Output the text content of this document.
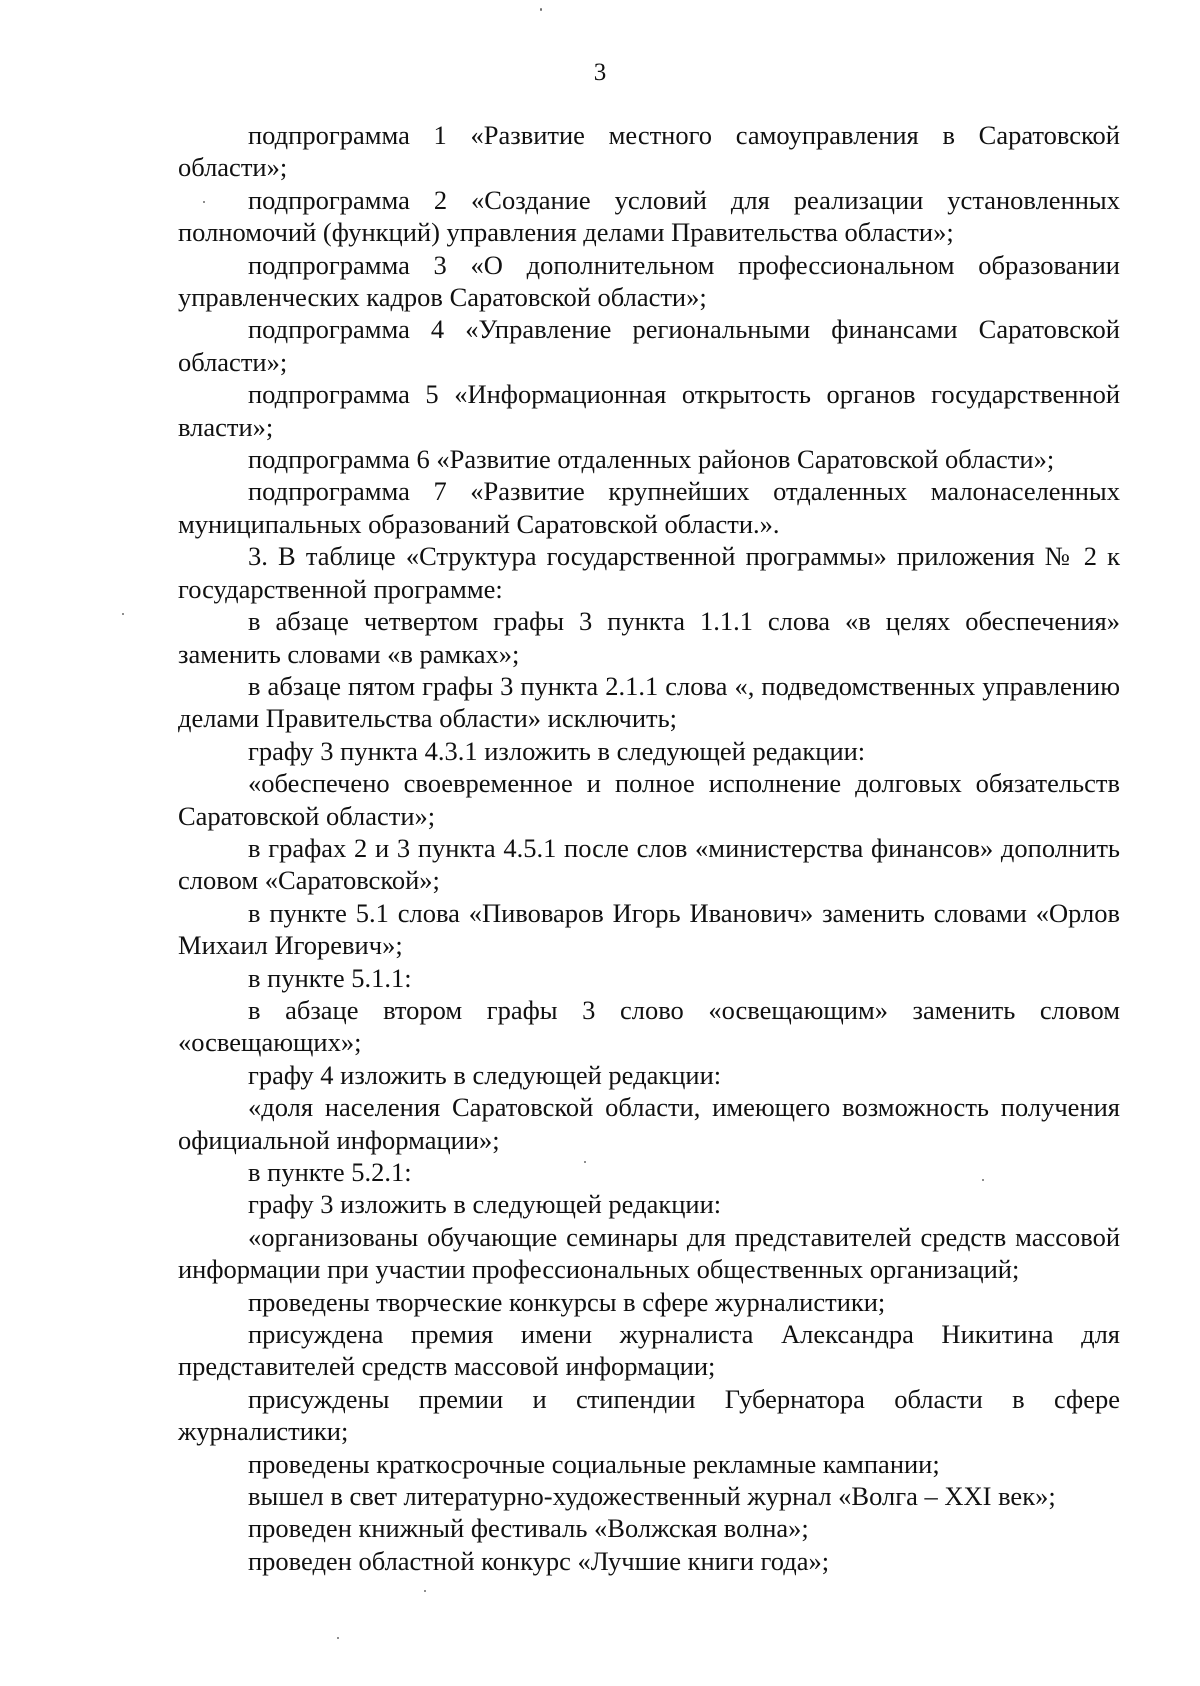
3

подпрограмма 1 «Развитие местного самоуправления в Саратовской области»;

подпрограмма 2 «Создание условий для реализации установленных полномочий (функций) управления делами Правительства области»;

подпрограмма 3 «О дополнительном профессиональном образовании управленческих кадров Саратовской области»;

подпрограмма 4 «Управление региональными финансами Саратовской области»;

подпрограмма 5 «Информационная открытость органов государственной власти»;

подпрограмма 6 «Развитие отдаленных районов Саратовской области»;

подпрограмма 7 «Развитие крупнейших отдаленных малонаселенных муниципальных образований Саратовской области.».

3. В таблице «Структура государственной программы» приложения № 2 к государственной программе:

в абзаце четвертом графы 3 пункта 1.1.1 слова «в целях обеспечения» заменить словами «в рамках»;

в абзаце пятом графы 3 пункта 2.1.1 слова «, подведомственных управлению делами Правительства области» исключить;

графу 3 пункта 4.3.1 изложить в следующей редакции:

«обеспечено своевременное и полное исполнение долговых обязательств Саратовской области»;

в графах 2 и 3 пункта 4.5.1 после слов «министерства финансов» дополнить словом «Саратовской»;

в пункте 5.1 слова «Пивоваров Игорь Иванович» заменить словами «Орлов Михаил Игоревич»;

в пункте 5.1.1:

в абзаце втором графы 3 слово «освещающим» заменить словом «освещающих»;

графу 4 изложить в следующей редакции:

«доля населения Саратовской области, имеющего возможность получения официальной информации»;

в пункте 5.2.1:

графу 3 изложить в следующей редакции:

«организованы обучающие семинары для представителей средств массовой информации при участии профессиональных общественных организаций;

проведены творческие конкурсы в сфере журналистики;

присуждена премия имени журналиста Александра Никитина для представителей средств массовой информации;

присуждены премии и стипендии Губернатора области в сфере журналистики;

проведены краткосрочные социальные рекламные кампании;

вышел в свет литературно-художественный журнал «Волга – XXI век»;

проведен книжный фестиваль «Волжская волна»;

проведен областной конкурс «Лучшие книги года»;
